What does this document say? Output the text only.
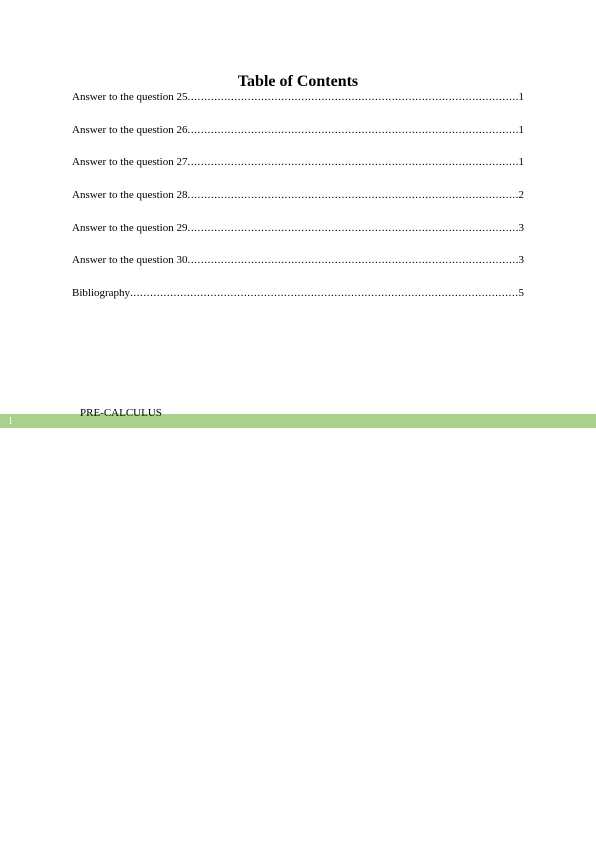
Table of Contents
Answer to the question 25 .....	1
Answer to the question 26 .....	1
Answer to the question 27 .....	1
Answer to the question 28 .....	2
Answer to the question 29 .....	3
Answer to the question 30 .....	3
Bibliography .....	5
1
PRE-CALCULUS
